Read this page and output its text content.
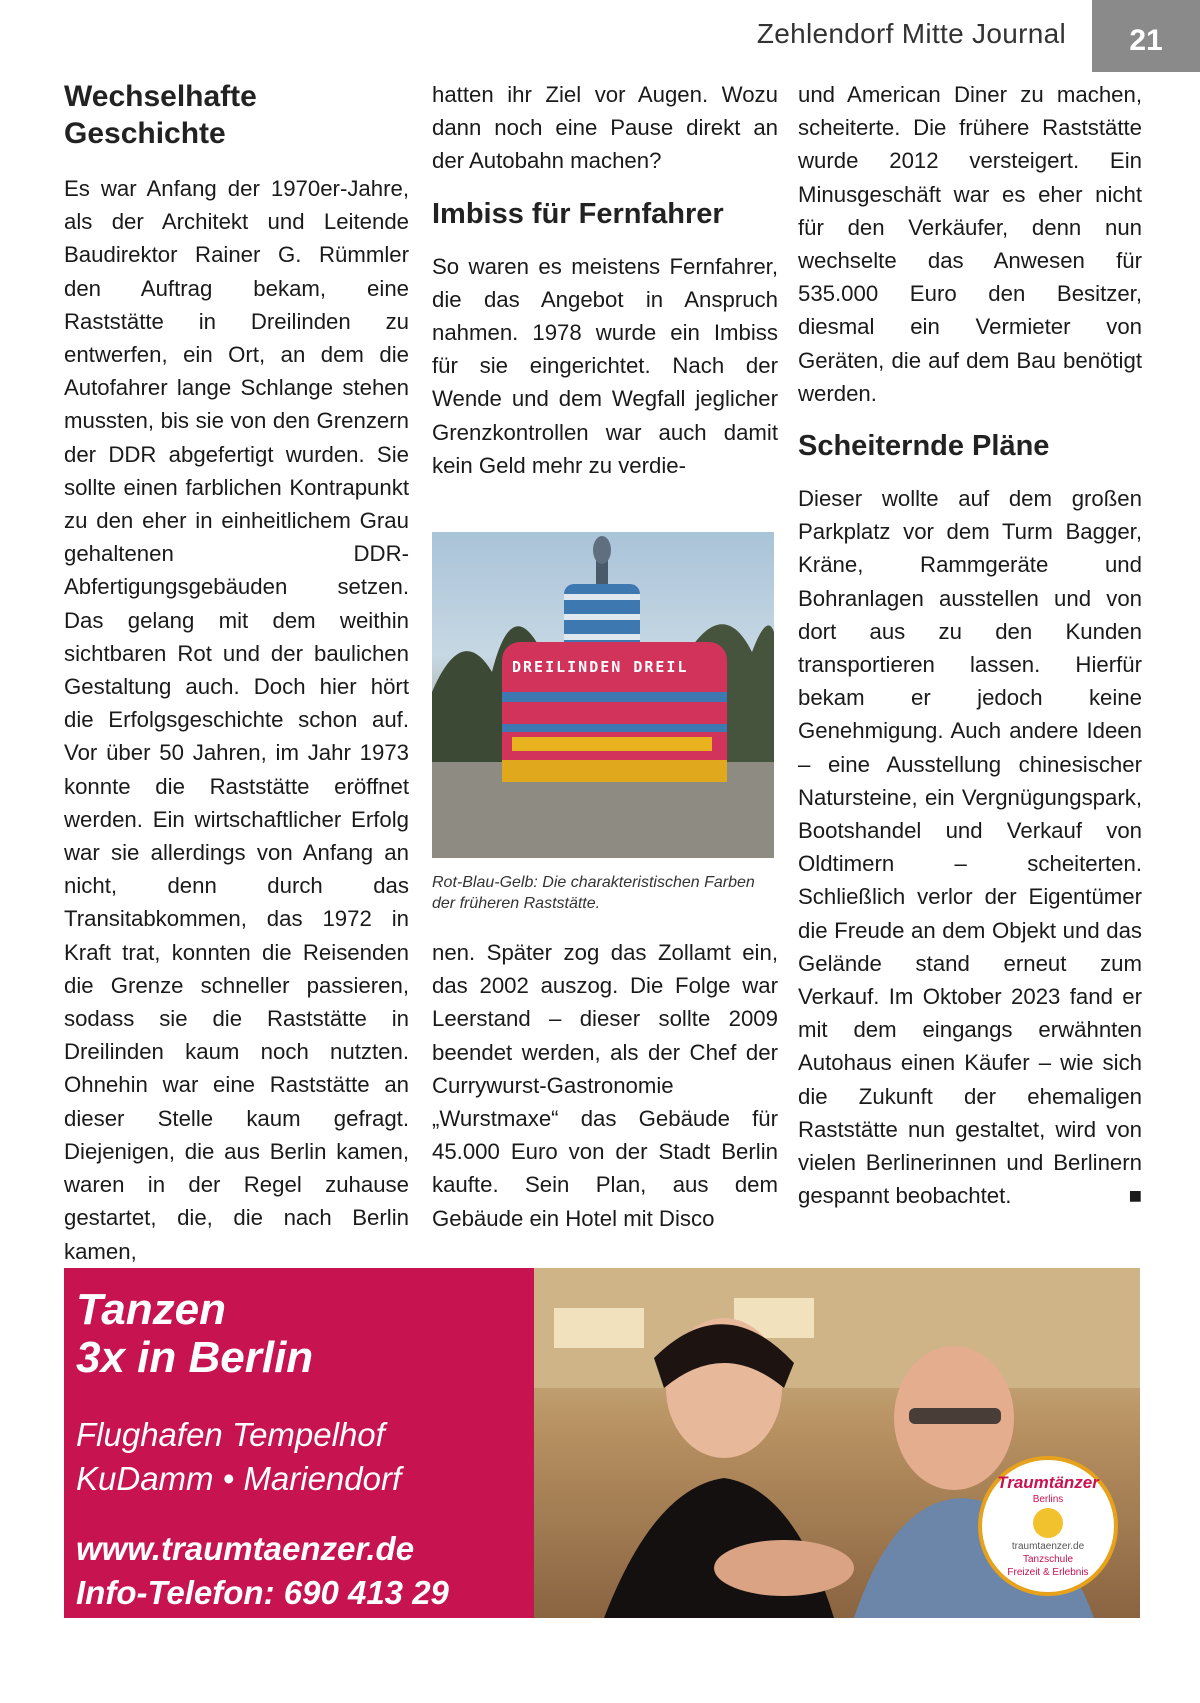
Zehlendorf Mitte Journal	21
Wechselhafte Geschichte

Es war Anfang der 1970er-Jahre, als der Architekt und Leitende Baudirektor Rainer G. Rümmler den Auftrag bekam, eine Raststätte in Dreilinden zu entwerfen, ein Ort, an dem die Autofahrer lange Schlange stehen mussten, bis sie von den Grenzern der DDR abgefertigt wurden. Sie sollte einen farblichen Kontrapunkt zu den eher in einheitlichem Grau gehaltenen DDR-Abfertigungsgebäuden setzen. Das gelang mit dem weithin sichtbaren Rot und der baulichen Gestaltung auch. Doch hier hört die Erfolgsgeschichte schon auf. Vor über 50 Jahren, im Jahr 1973 konnte die Raststätte eröffnet werden. Ein wirtschaftlicher Erfolg war sie allerdings von Anfang an nicht, denn durch das Transitabkommen, das 1972 in Kraft trat, konnten die Reisenden die Grenze schneller passieren, sodass sie die Raststätte in Dreilinden kaum noch nutzten. Ohnehin war eine Raststätte an dieser Stelle kaum gefragt. Diejenigen, die aus Berlin kamen, waren in der Regel zuhause gestartet, die, die nach Berlin kamen,

hatten ihr Ziel vor Augen. Wozu dann noch eine Pause direkt an der Autobahn machen?

Imbiss für Fernfahrer

So waren es meistens Fernfahrer, die das Angebot in Anspruch nahmen. 1978 wurde ein Imbiss für sie eingerichtet. Nach der Wende und dem Wegfall jeglicher Grenzkontrollen war auch damit kein Geld mehr zu verdie-

DREILINDEN DREIL
Rot-Blau-Gelb: Die charakteristischen Farben der früheren Raststätte.

nen. Später zog das Zollamt ein, das 2002 auszog. Die Folge war Leerstand – dieser sollte 2009 beendet werden, als der Chef der Currywurst-Gastronomie „Wurstmaxe“ das Gebäude für 45.000 Euro von der Stadt Berlin kaufte. Sein Plan, aus dem Gebäude ein Hotel mit Disco

und American Diner zu machen, scheiterte. Die frühere Raststätte wurde 2012 versteigert. Ein Minusgeschäft war es eher nicht für den Verkäufer, denn nun wechselte das Anwesen für 535.000 Euro den Besitzer, diesmal ein Vermieter von Geräten, die auf dem Bau benötigt werden.

Scheiternde Pläne

Dieser wollte auf dem großen Parkplatz vor dem Turm Bagger, Kräne, Rammgeräte und Bohranlagen ausstellen und von dort aus zu den Kunden transportieren lassen. Hierfür bekam er jedoch keine Genehmigung. Auch andere Ideen – eine Ausstellung chinesischer Natursteine, ein Vergnügungspark, Bootshandel und Verkauf von Oldtimern – scheiterten. Schließlich verlor der Eigentümer die Freude an dem Objekt und das Gelände stand erneut zum Verkauf. Im Oktober 2023 fand er mit dem eingangs erwähnten Autohaus einen Käufer – wie sich die Zukunft der ehemaligen Raststätte nun gestaltet, wird von vielen Berlinerinnen und Berlinern gespannt beobachtet.	■

Traumtänzer
Berlins
traumtaenzer.de
Tanzschule
Freizeit & Erlebnis
Tanzen
3x in Berlin
Flughafen Tempelhof
KuDamm • Mariendorf
www.traumtaenzer.de
Info-Telefon: 690 413 29
